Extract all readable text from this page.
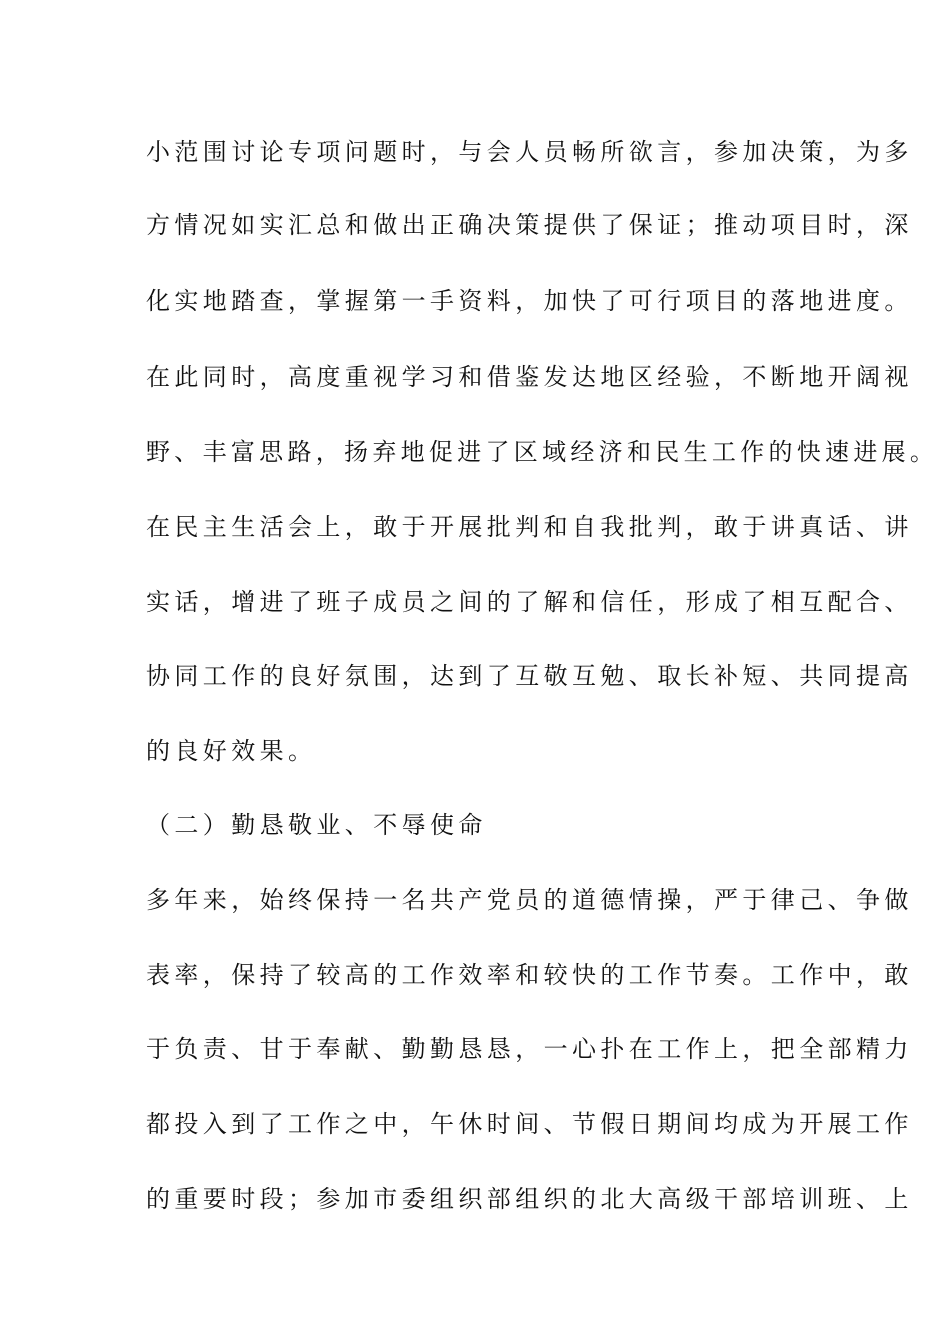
小范围讨论专项问题时，与会人员畅所欲言，参加决策，为多

方情况如实汇总和做出正确决策提供了保证；推动项目时，深

化实地踏查，掌握第一手资料，加快了可行项目的落地进度。

在此同时，高度重视学习和借鉴发达地区经验，不断地开阔视

野、丰富思路，扬弃地促进了区域经济和民生工作的快速进展。

在民主生活会上，敢于开展批判和自我批判，敢于讲真话、讲

实话，增进了班子成员之间的了解和信任，形成了相互配合、

协同工作的良好氛围，达到了互敬互勉、取长补短、共同提高

的良好效果。

（二）勤恳敬业、不辱使命

多年来，始终保持一名共产党员的道德情操，严于律己、争做

表率，保持了较高的工作效率和较快的工作节奏。工作中，敢

于负责、甘于奉献、勤勤恳恳，一心扑在工作上，把全部精力

都投入到了工作之中，午休时间、节假日期间均成为开展工作

的重要时段；参加市委组织部组织的北大高级干部培训班、上
